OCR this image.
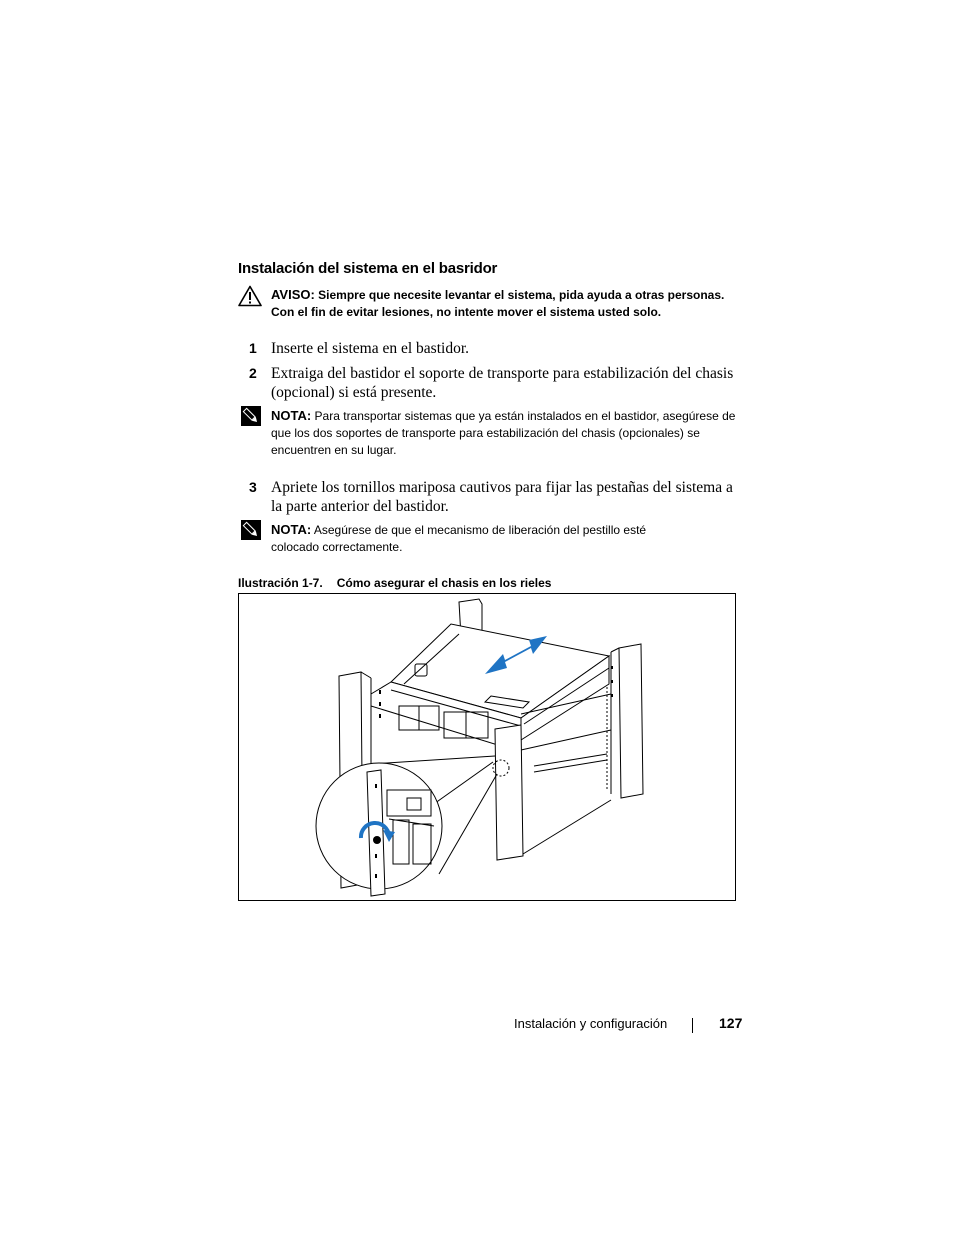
Instalación del sistema en el basridor
AVISO: Siempre que necesite levantar el sistema, pida ayuda a otras personas. Con el fin de evitar lesiones, no intente mover el sistema usted solo.
1 Inserte el sistema en el bastidor.
2 Extraiga del bastidor el soporte de transporte para estabilización del chasis (opcional) si está presente.
NOTA: Para transportar sistemas que ya están instalados en el bastidor, asegúrese de que los dos soportes de transporte para estabilización del chasis (opcionales) se encuentren en su lugar.
3 Apriete los tornillos mariposa cautivos para fijar las pestañas del sistema a la parte anterior del bastidor.
NOTA: Asegúrese de que el mecanismo de liberación del pestillo esté colocado correctamente.
Ilustración 1-7. Cómo asegurar el chasis en los rieles
Instalación y configuración	127
